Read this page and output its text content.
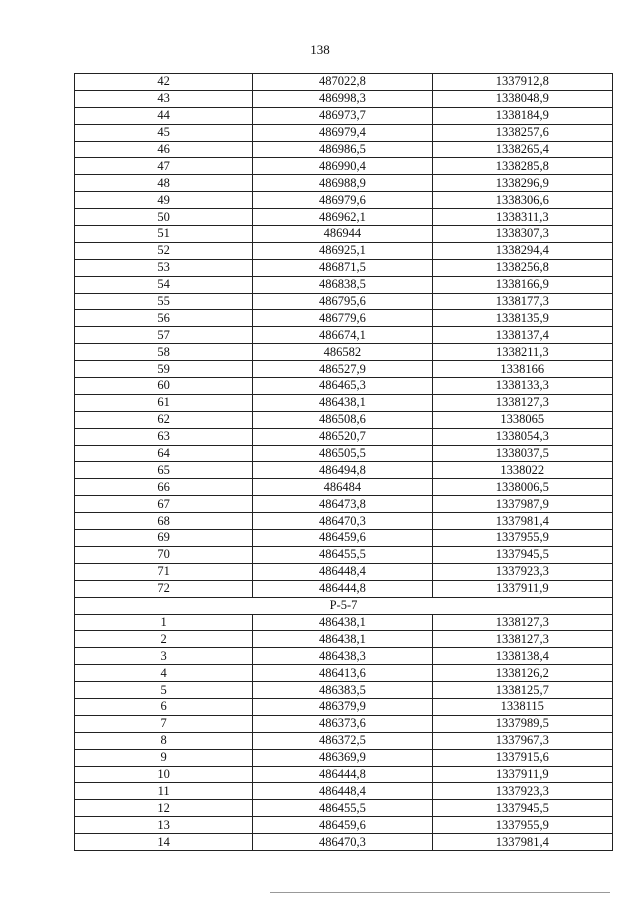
138
42	487022,8	1337912,8
43	486998,3	1338048,9
44	486973,7	1338184,9
45	486979,4	1338257,6
46	486986,5	1338265,4
47	486990,4	1338285,8
48	486988,9	1338296,9
49	486979,6	1338306,6
50	486962,1	1338311,3
51	486944	1338307,3
52	486925,1	1338294,4
53	486871,5	1338256,8
54	486838,5	1338166,9
55	486795,6	1338177,3
56	486779,6	1338135,9
57	486674,1	1338137,4
58	486582	1338211,3
59	486527,9	1338166
60	486465,3	1338133,3
61	486438,1	1338127,3
62	486508,6	1338065
63	486520,7	1338054,3
64	486505,5	1338037,5
65	486494,8	1338022
66	486484	1338006,5
67	486473,8	1337987,9
68	486470,3	1337981,4
69	486459,6	1337955,9
70	486455,5	1337945,5
71	486448,4	1337923,3
72	486444,8	1337911,9
Р-5-7		
1	486438,1	1338127,3
2	486438,1	1338127,3
3	486438,3	1338138,4
4	486413,6	1338126,2
5	486383,5	1338125,7
6	486379,9	1338115
7	486373,6	1337989,5
8	486372,5	1337967,3
9	486369,9	1337915,6
10	486444,8	1337911,9
11	486448,4	1337923,3
12	486455,5	1337945,5
13	486459,6	1337955,9
14	486470,3	1337981,4
